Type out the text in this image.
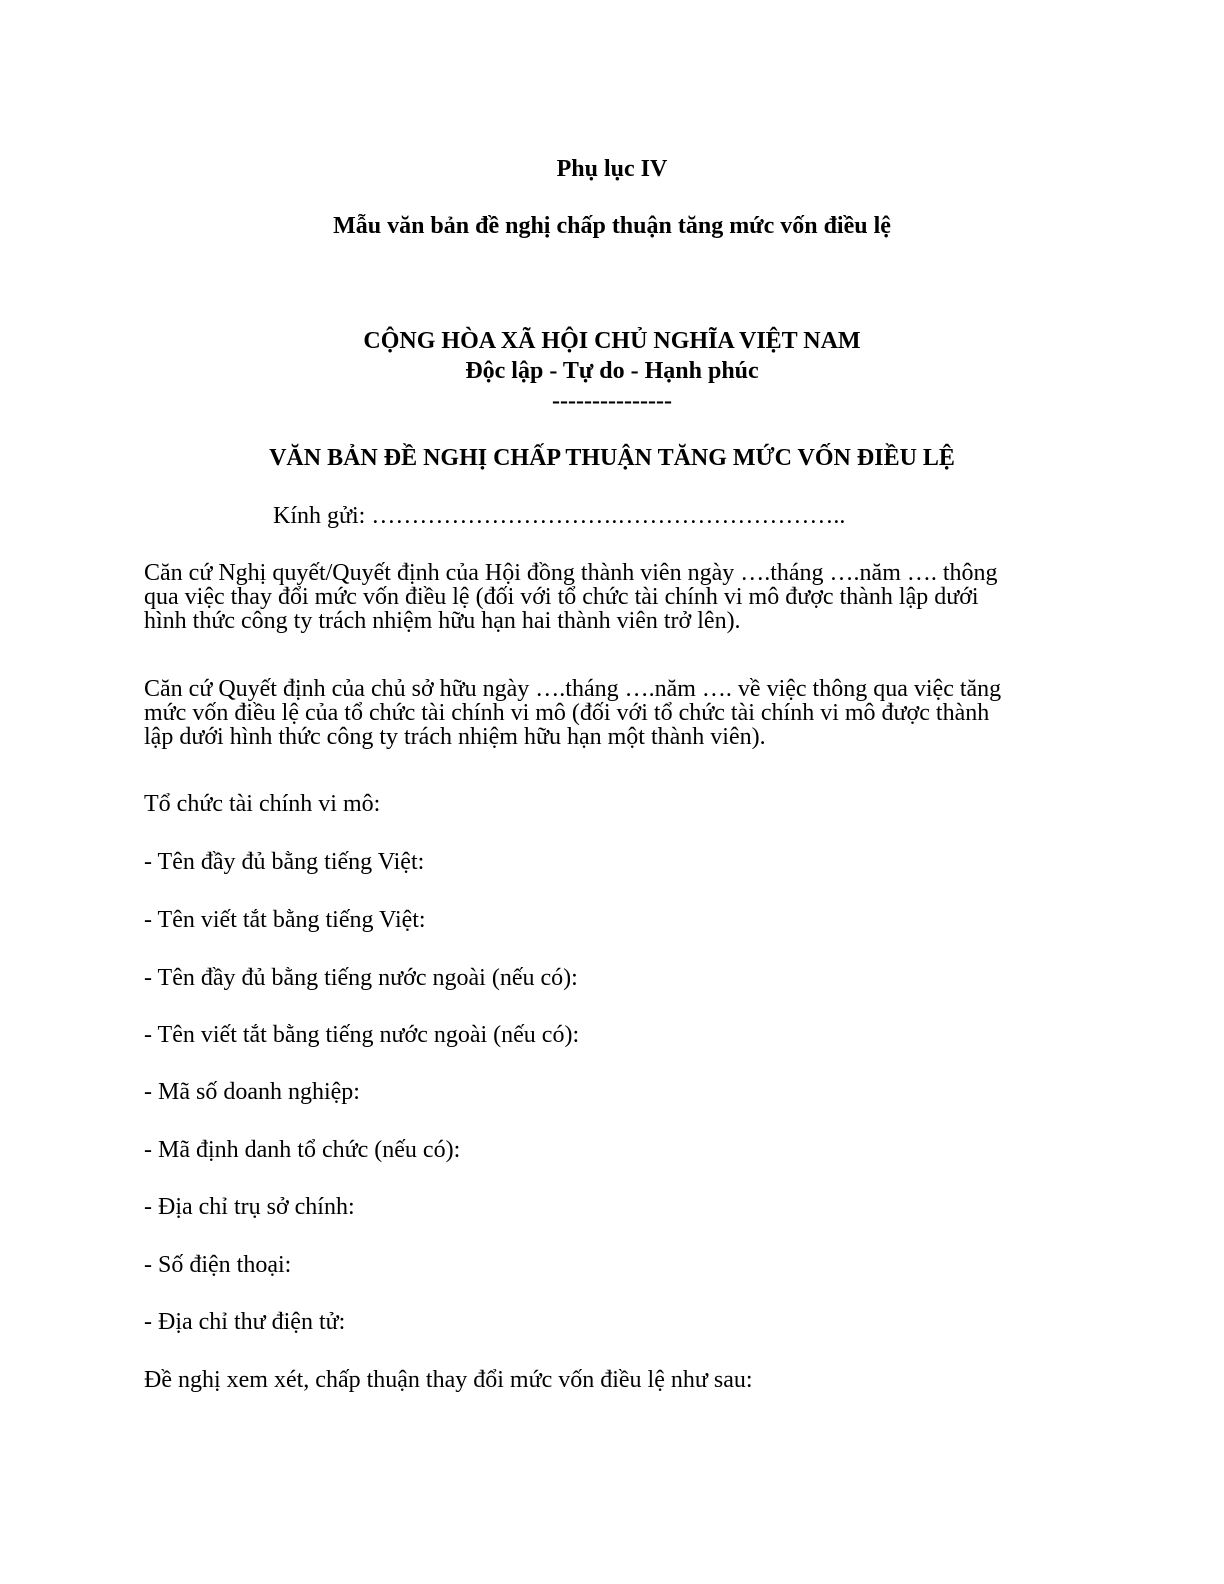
Phụ lục IV
Mẫu văn bản đề nghị chấp thuận tăng mức vốn điều lệ
CỘNG HÒA XÃ HỘI CHỦ NGHĨA VIỆT NAM
Độc lập - Tự do - Hạnh phúc
---------------
VĂN BẢN ĐỀ NGHỊ CHẤP THUẬN TĂNG MỨC VỐN ĐIỀU LỆ
Kính gửi: ………………………….………………………..
Căn cứ Nghị quyết/Quyết định của Hội đồng thành viên ngày ….tháng ….năm …. thông
qua việc thay đổi mức vốn điều lệ (đối với tổ chức tài chính vi mô được thành lập dưới
hình thức công ty trách nhiệm hữu hạn hai thành viên trở lên).
Căn cứ Quyết định của chủ sở hữu ngày ….tháng ….năm …. về việc thông qua việc tăng
mức vốn điều lệ của tổ chức tài chính vi mô (đối với tổ chức tài chính vi mô được thành
lập dưới hình thức công ty trách nhiệm hữu hạn một thành viên).
Tổ chức tài chính vi mô:
- Tên đầy đủ bằng tiếng Việt:
- Tên viết tắt bằng tiếng Việt:
- Tên đầy đủ bằng tiếng nước ngoài (nếu có):
- Tên viết tắt bằng tiếng nước ngoài (nếu có):
- Mã số doanh nghiệp:
- Mã định danh tổ chức (nếu có):
- Địa chỉ trụ sở chính:
- Số điện thoại:
- Địa chỉ thư điện tử:
Đề nghị xem xét, chấp thuận thay đổi mức vốn điều lệ như sau:
